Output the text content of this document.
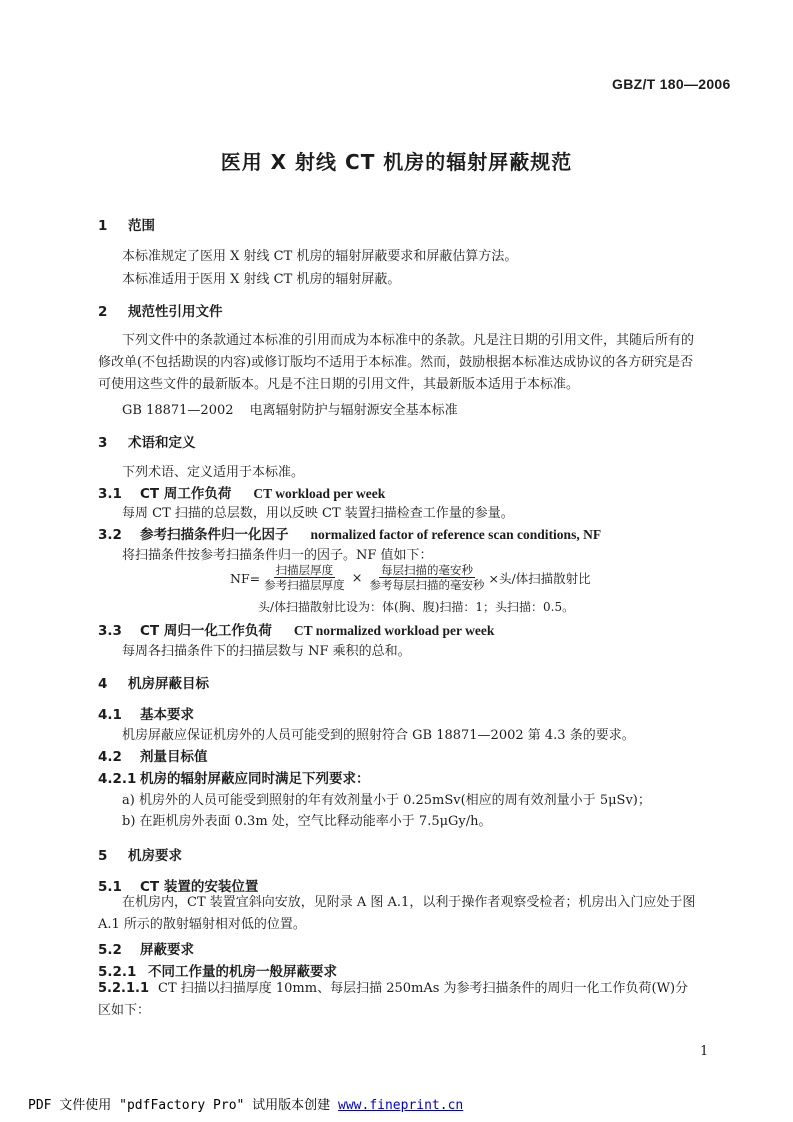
GBZ/T 180—2006
医用 X 射线 CT 机房的辐射屏蔽规范
1 范围
本标准规定了医用 X 射线 CT 机房的辐射屏蔽要求和屏蔽估算方法。
本标准适用于医用 X 射线 CT 机房的辐射屏蔽。
2 规范性引用文件
下列文件中的条款通过本标准的引用而成为本标准中的条款。凡是注日期的引用文件，其随后所有的修改单(不包括勘误的内容)或修订版均不适用于本标准。然而，鼓励根据本标准达成协议的各方研究是否可使用这些文件的最新版本。凡是不注日期的引用文件，其最新版本适用于本标准。
GB 18871—2002 电离辐射防护与辐射源安全基本标准
3 术语和定义
下列术语、定义适用于本标准。
3.1 CT 周工作负荷 CT workload per week
每周 CT 扫描的总层数，用以反映 CT 装置扫描检查工作量的参量。
3.2 参考扫描条件归一化因子 normalized factor of reference scan conditions, NF
将扫描条件按参考扫描条件归一的因子。NF 值如下：
$NF= \frac{\text{扫描层厚度}}{\text{参考扫描层厚度}} \times \frac{\text{每层扫描的毫安秒}}{\text{参考每层扫描的毫安秒}}$ ×头/体扫描散射比
头/体扫描散射比设为：体(胸、腹)扫描：1；头扫描：0.5。
3.3 CT 周归一化工作负荷 CT normalized workload per week
每周各扫描条件下的扫描层数与 NF 乘积的总和。
4 机房屏蔽目标
4.1 基本要求
机房屏蔽应保证机房外的人员可能受到的照射符合 GB 18871—2002 第 4.3 条的要求。
4.2 剂量目标值
4.2.1 机房的辐射屏蔽应同时满足下列要求：
a) 机房外的人员可能受到照射的年有效剂量小于 0.25mSv(相应的周有效剂量小于 5μSv)；
b) 在距机房外表面 0.3m 处，空气比释动能率小于 7.5μGy/h。
5 机房要求
5.1 CT 装置的安装位置
在机房内，CT 装置宜斜向安放，见附录 A 图 A.1，以利于操作者观察受检者；机房出入门应处于图 A.1 所示的散射辐射相对低的位置。
5.2 屏蔽要求
5.2.1 不同工作量的机房一般屏蔽要求
5.2.1.1 CT 扫描以扫描厚度 10mm、每层扫描 250mAs 为参考扫描条件的周归一化工作负荷(W)分区如下：
1
PDF 文件使用 "pdfFactory Pro" 试用版本创建 www.fineprint.cn
